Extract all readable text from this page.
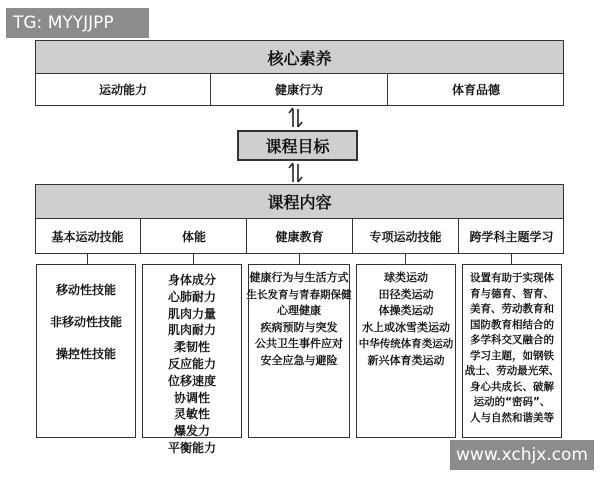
核心素养
运动能力	健康行为	体育品德
课程目标
课程内容
基本运动技能	体能	健康教育	专项运动技能 跨学科主题学习
移动性技能
非移动性技能
操控性技能
身体成分
心肺耐力
肌肉力量
肌肉耐力
柔韧性
反应能力
位移速度
协调性
灵敏性
爆发力
平衡能力
健康行为与生活方式
生长发育与青春期保健
心理健康
疾病预防与突发
公共卫生事件应对
安全应急与避险
球类运动
田径类运动
体操类运动
水上或冰雪类运动
中华传统体育类运动
新兴体育类运动
设置有助于实现体
育与德育、智育、
美育、劳动教育和
国防教育相结合的
多学科交叉融合的
学习主题，如钢铁
战士、劳动最光荣、
身心共成长、破解
运动的“密码”、
人与自然和谐美等
TG: MYYJJPP
www.xchjx.com
